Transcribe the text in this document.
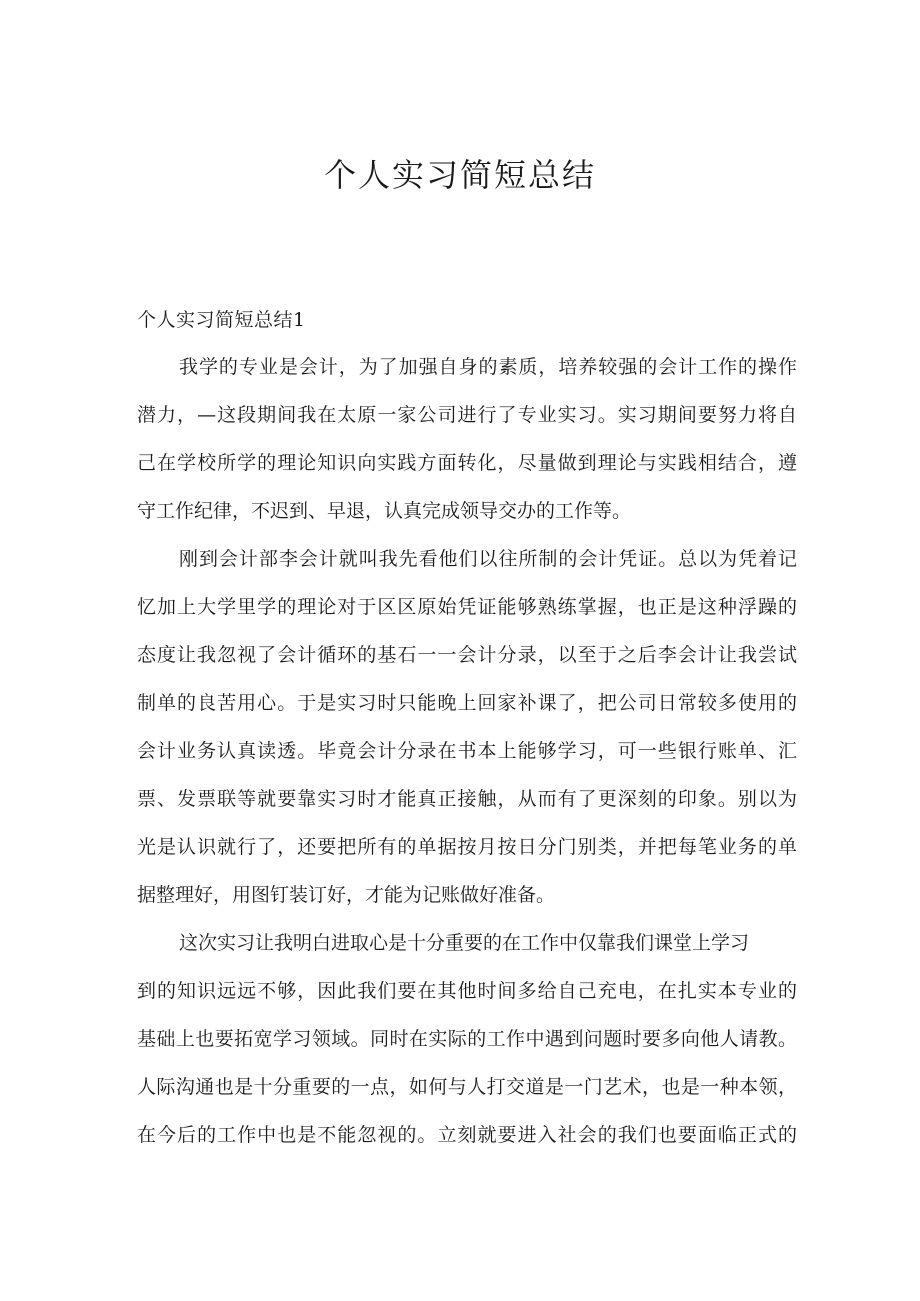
个人实习简短总结
个人实习简短总结1

我学的专业是会计，为了加强自身的素质，培养较强的会计工作的操作
潜力，—这段期间我在太原一家公司进行了专业实习。实习期间要努力将自
己在学校所学的理论知识向实践方面转化，尽量做到理论与实践相结合，遵
守工作纪律，不迟到、早退，认真完成领导交办的工作等。

刚到会计部李会计就叫我先看他们以往所制的会计凭证。总以为凭着记
忆加上大学里学的理论对于区区原始凭证能够熟练掌握，也正是这种浮躁的
态度让我忽视了会计循环的基石一一会计分录，以至于之后李会计让我尝试
制单的良苦用心。于是实习时只能晚上回家补课了，把公司日常较多使用的
会计业务认真读透。毕竟会计分录在书本上能够学习，可一些银行账单、汇
票、发票联等就要靠实习时才能真正接触，从而有了更深刻的印象。别以为
光是认识就行了，还要把所有的单据按月按日分门别类，并把每笔业务的单
据整理好，用图钉装订好，才能为记账做好准备。

这次实习让我明白进取心是十分重要的在工作中仅靠我们课堂上学习
到的知识远远不够，因此我们要在其他时间多给自己充电，在扎实本专业的
基础上也要拓宽学习领域。同时在实际的工作中遇到问题时要多向他人请教。
人际沟通也是十分重要的一点，如何与人打交道是一门艺术，也是一种本领，
在今后的工作中也是不能忽视的。立刻就要进入社会的我们也要面临正式的
